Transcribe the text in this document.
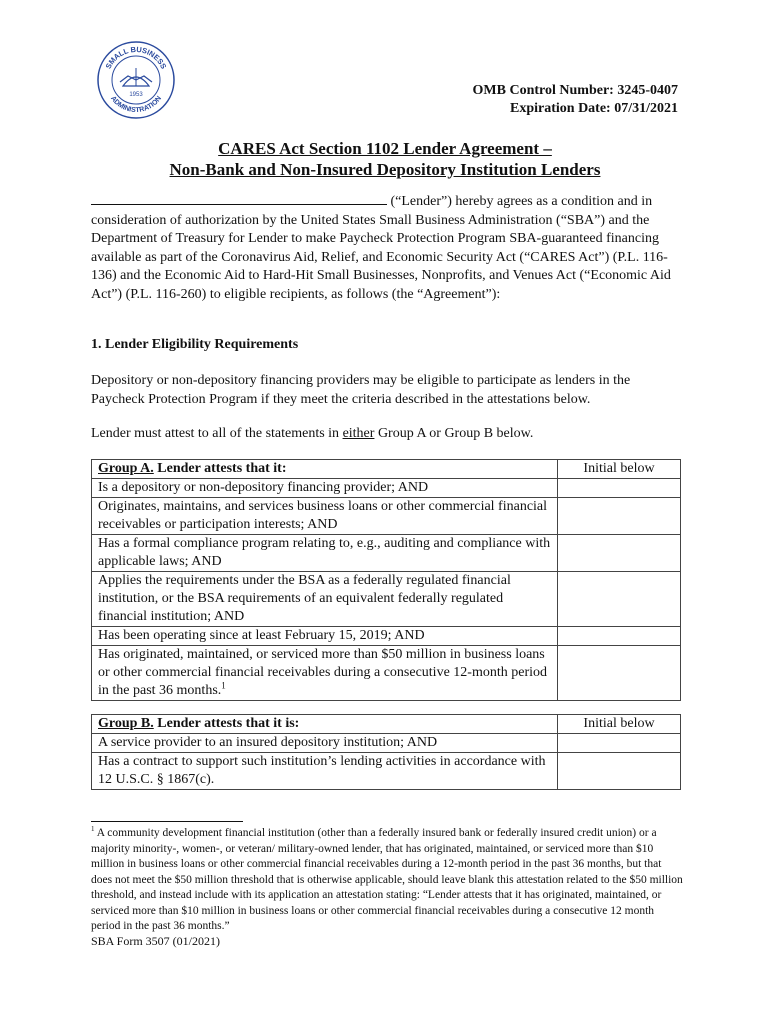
SMALL BUSINESS
ADMINISTRATION
1953	OMB Control Number: 3245-0407
Expiration Date: 07/31/2021
CARES Act Section 1102 Lender Agreement –
Non-Bank and Non-Insured Depository Institution Lenders
(“Lender”) hereby agrees as a condition and in consideration of authorization by the United States Small Business Administration (“SBA”) and the Department of Treasury for Lender to make Paycheck Protection Program SBA-guaranteed financing available as part of the Coronavirus Aid, Relief, and Economic Security Act (“CARES Act”) (P.L. 116-136) and the Economic Aid to Hard-Hit Small Businesses, Nonprofits, and Venues Act (“Economic Aid Act”) (P.L. 116-260) to eligible recipients, as follows (the “Agreement”):
1. Lender Eligibility Requirements
Depository or non-depository financing providers may be eligible to participate as lenders in the Paycheck Protection Program if they meet the criteria described in the attestations below.
Lender must attest to all of the statements in either Group A or Group B below.
Group A. Lender attests that it:	Initial below
Is a depository or non-depository financing provider; AND	
Originates, maintains, and services business loans or other commercial financial receivables or participation interests; AND	
Has a formal compliance program relating to, e.g., auditing and compliance with applicable laws; AND	
Applies the requirements under the BSA as a federally regulated financial institution, or the BSA requirements of an equivalent federally regulated financial institution; AND	
Has been operating since at least February 15, 2019; AND	
Has originated, maintained, or serviced more than $50 million in business loans or other commercial financial receivables during a consecutive 12-month period in the past 36 months.$^1$	
Group B. Lender attests that it is:	Initial below
A service provider to an insured depository institution; AND	
Has a contract to support such institution’s lending activities in accordance with 12 U.S.C. § 1867(c).	
$^1$ A community development financial institution (other than a federally insured bank or federally insured credit union) or a majority minority-, women-, or veteran/ military-owned lender, that has originated, maintained, or serviced more than $10 million in business loans or other commercial financial receivables during a 12-month period in the past 36 months, but that does not meet the $50 million threshold that is otherwise applicable, should leave blank this attestation related to the $50 million threshold, and instead include with its application an attestation stating: “Lender attests that it has originated, maintained, or serviced more than $10 million in business loans or other commercial financial receivables during a consecutive 12 month period in the past 36 months.”
SBA Form 3507 (01/2021)
